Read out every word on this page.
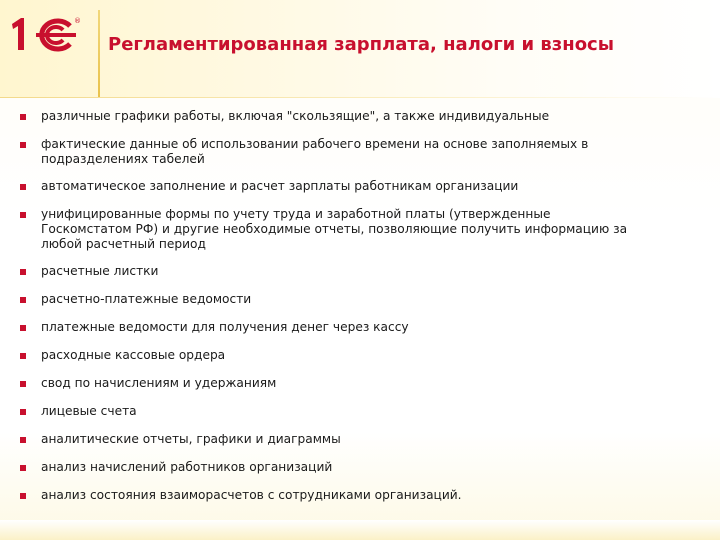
®
Регламентированная зарплата, налоги и взносы
различные графики работы, включая "скользящие", а также индивидуальные
фактические данные об использовании рабочего времени на основе заполняемых в
подразделениях табелей
автоматическое заполнение и расчет зарплаты работникам организации
унифицированные формы по учету труда и заработной платы (утвержденные
Госкомстатом РФ) и другие необходимые отчеты, позволяющие получить информацию за
любой расчетный период
расчетные листки
расчетно-платежные ведомости
платежные ведомости для получения денег через кассу
расходные кассовые ордера
свод по начислениям и удержаниям
лицевые счета
аналитические отчеты, графики и диаграммы
анализ начислений работников организаций
анализ состояния взаиморасчетов с сотрудниками организаций.
